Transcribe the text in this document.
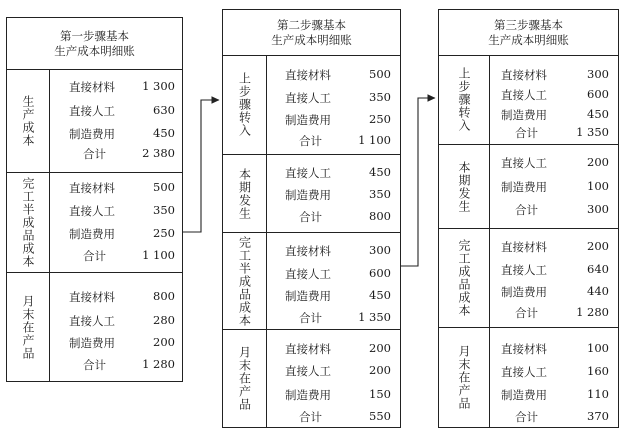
第一步骤基本
生产成本明细账
生产成本
直接材料 1 300
直接人工	630
制造费用	450
合计	2 380
完工半成品成本	直接材料	500
直接人工	350
制造费用	250
合计	1 100
月末在产品	直接材料	800
直接人工	280
制造费用	200
合计	1 280
第二步骤基本
生产成本明细账
上步骤转入	直接材料	500
直接人工	350
制造费用	250
合计	1 100
本期发生	直接人工	450
制造费用	350
合计	800
完工半成品成本	直接材料	300
直接人工	600
制造费用	450
合计	1 350
月末在产品	直接材料	200
直接人工	200
制造费用	150
合计	550
第三步骤基本
生产成本明细账
上步骤转入	直接材料	300
直接人工	600
制造费用	450
合计	1 350
本期发生	直接人工	200
制造费用	100
合计	300
完工成品成本	直接材料	200
直接人工	640
制造费用	440
合计	1 280
月末在产品	直接材料	100
直接人工	160
制造费用	110
合计	370
